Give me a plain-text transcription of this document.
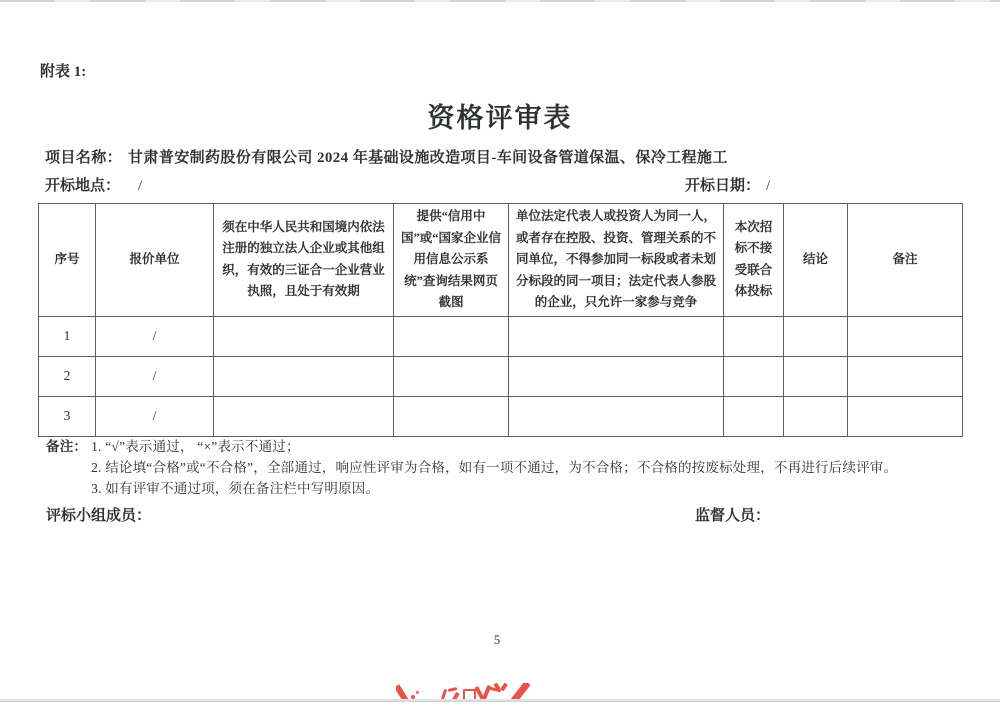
附表 1:
资格评审表
项目名称： 甘肃普安制药股份有限公司 2024 年基础设施改造项目-车间设备管道保温、保冷工程施工
开标地点： /	开标日期： /
序号	报价单位	须在中华人民共和国境内依法注册的独立法人企业或其他组织，有效的三证合一企业营业执照，且处于有效期	提供“信用中国”或“国家企业信用信息公示系统”查询结果网页截图	单位法定代表人或投资人为同一人，或者存在控股、投资、管理关系的不同单位，不得参加同一标段或者未划分标段的同一项目；法定代表人参股的企业，只允许一家参与竞争	本次招标不接受联合体投标	结论	备注
1	/						
2	/						
3	/						
备注： 1. “√”表示通过， “×”表示不通过；
2. 结论填“合格”或“不合格”，全部通过，响应性评审为合格，如有一项不通过，为不合格；不合格的按废标处理，不再进行后续评审。
3. 如有评审不通过项，须在备注栏中写明原因。
评标小组成员：	监督人员：
5
